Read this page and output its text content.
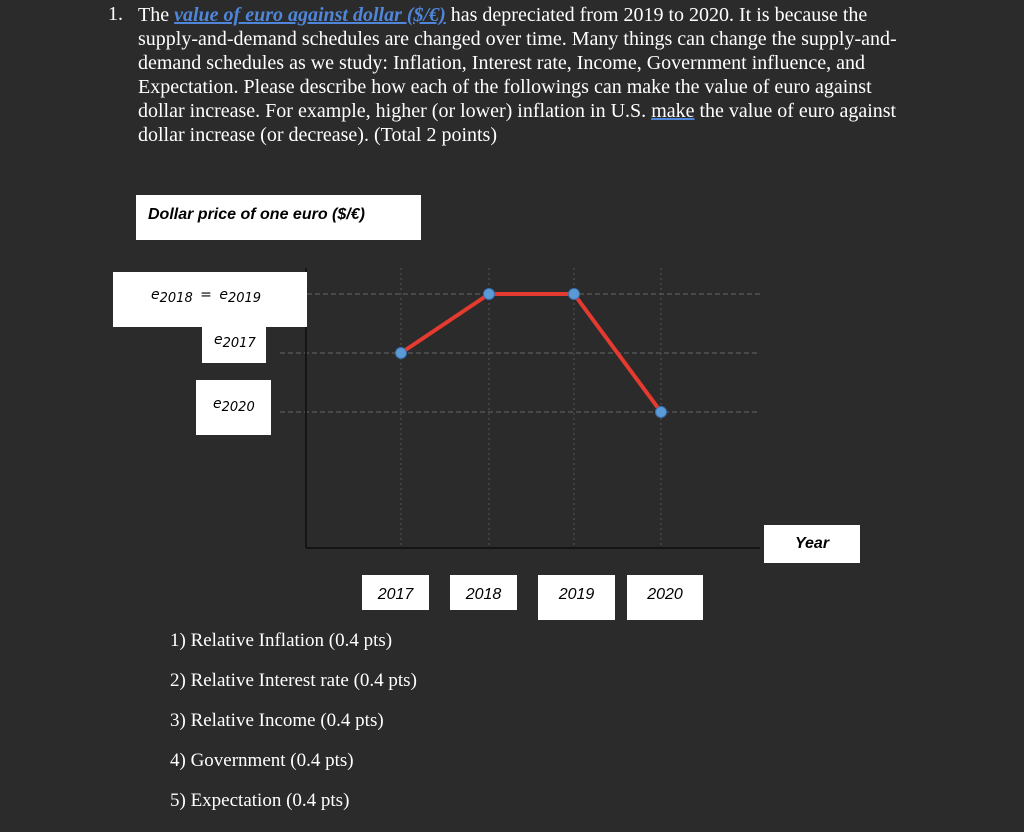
1. The value of euro against dollar ($/€) has depreciated from 2019 to 2020. It is because the supply-and-demand schedules are changed over time. Many things can change the supply-and-demand schedules as we study: Inflation, Interest rate, Income, Government influence, and Expectation. Please describe how each of the followings can make the value of euro against dollar increase. For example, higher (or lower) inflation in U.S. make the value of euro against dollar increase (or decrease). (Total 2 points)
Dollar price of one euro ($/€)
$e_{2018} = e_{2019}$
$e_{2017}$
$e_{2020}$
Year
2017	2018	2019	2020
1) Relative Inflation (0.4 pts)
2) Relative Interest rate (0.4 pts)
3) Relative Income (0.4 pts)
4) Government (0.4 pts)
5) Expectation (0.4 pts)
